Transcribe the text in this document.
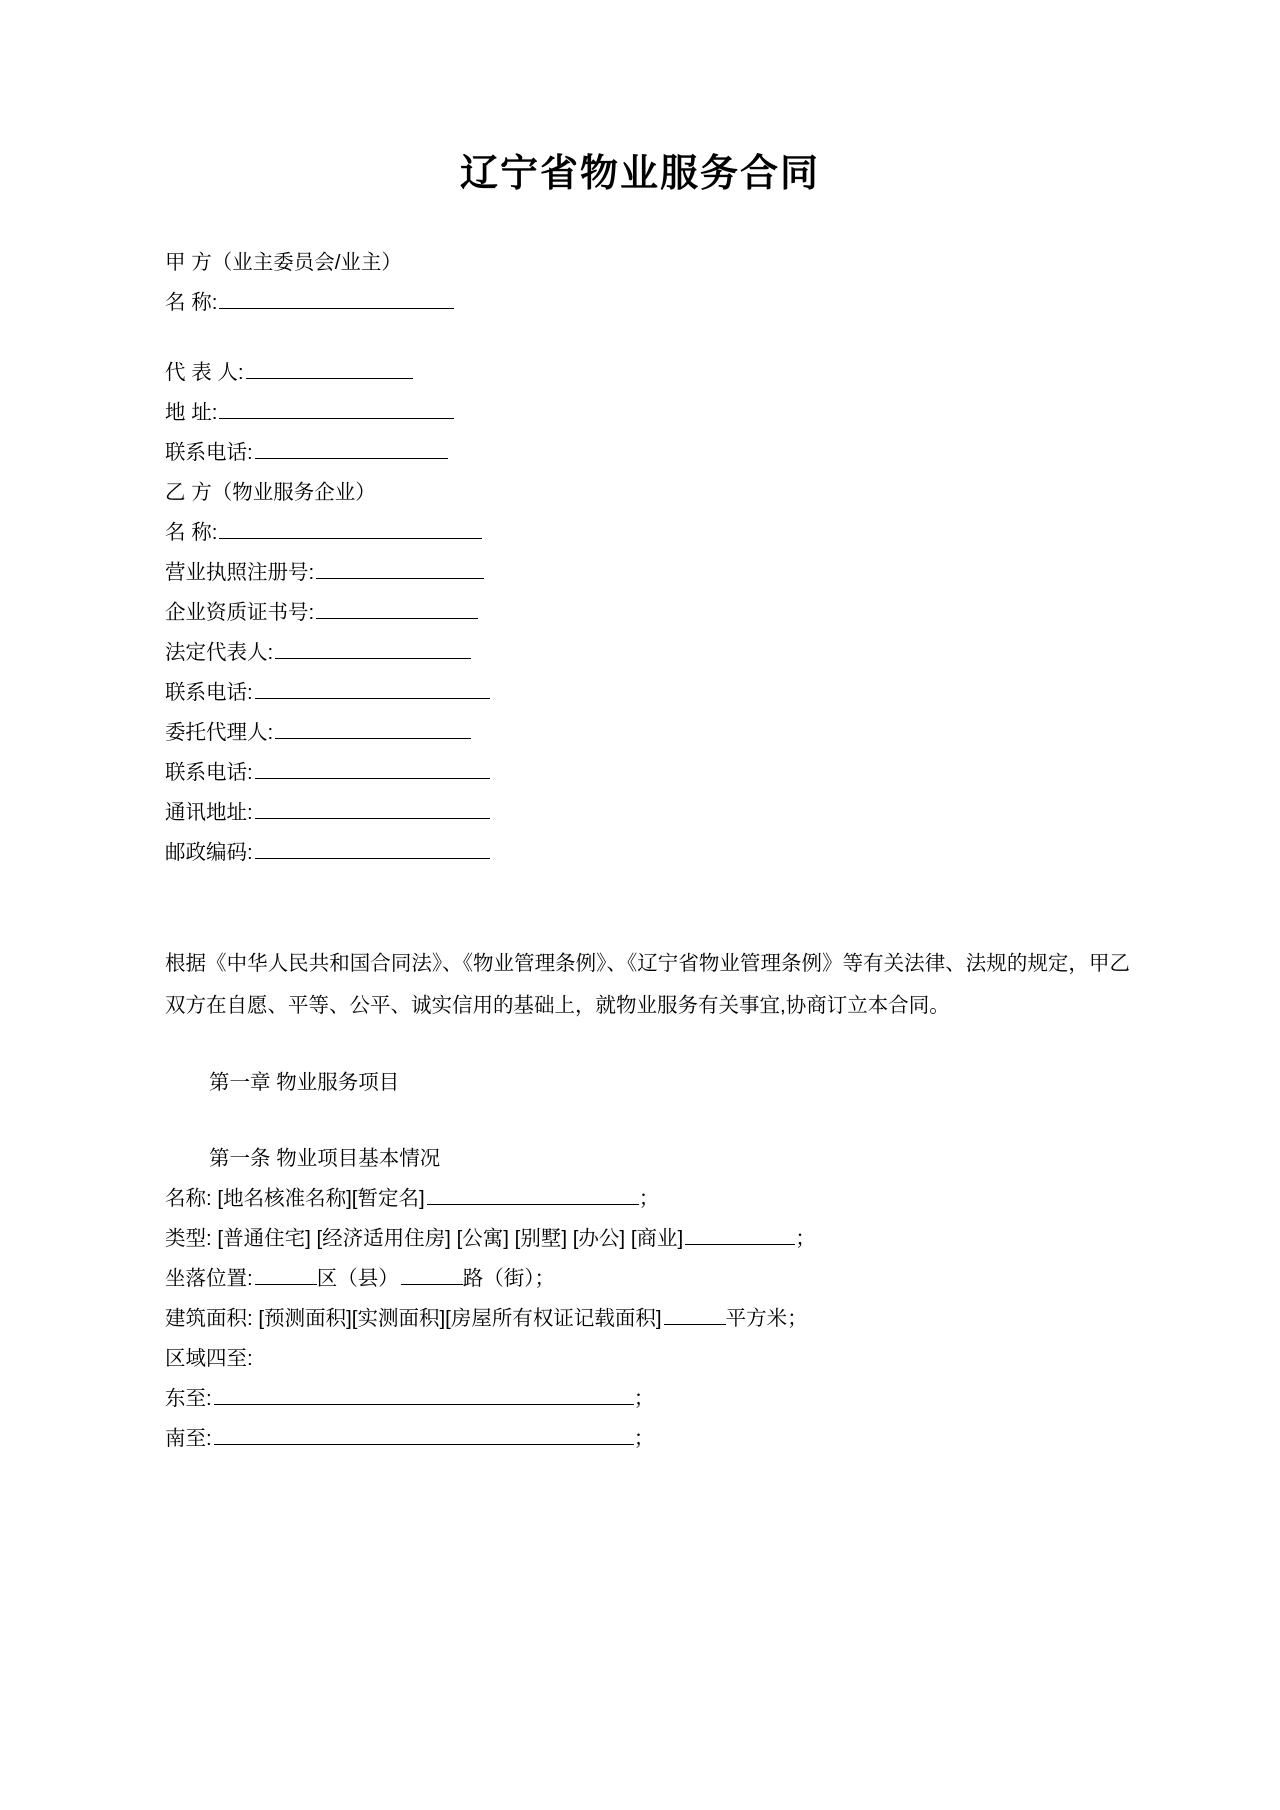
辽宁省物业服务合同

甲 方（业主委员会/业主）

名 称:

代 表 人:

地 址:

联系电话:

乙 方（物业服务企业）

名 称:

营业执照注册号:

企业资质证书号:

法定代表人:

联系电话:

委托代理人:

联系电话:

通讯地址:

邮政编码:

根据《中华人民共和国合同法》、《物业管理条例》、《辽宁省物业管理条例》等有关法律、法规的规定，甲乙双方在自愿、平等、公平、诚实信用的基础上，就物业服务有关事宜,协商订立本合同。

第一章 物业服务项目

第一条 物业项目基本情况

名称: [地名核准名称][暂定名]	；

类型: [普通住宅] [经济适用住房] [公寓] [别墅] [办公] [商业]	；

坐落位置:	区（县）	路（街）；

建筑面积: [预测面积][实测面积][房屋所有权证记载面积]	平方米；

区域四至:

东至:	；

南至:	；
